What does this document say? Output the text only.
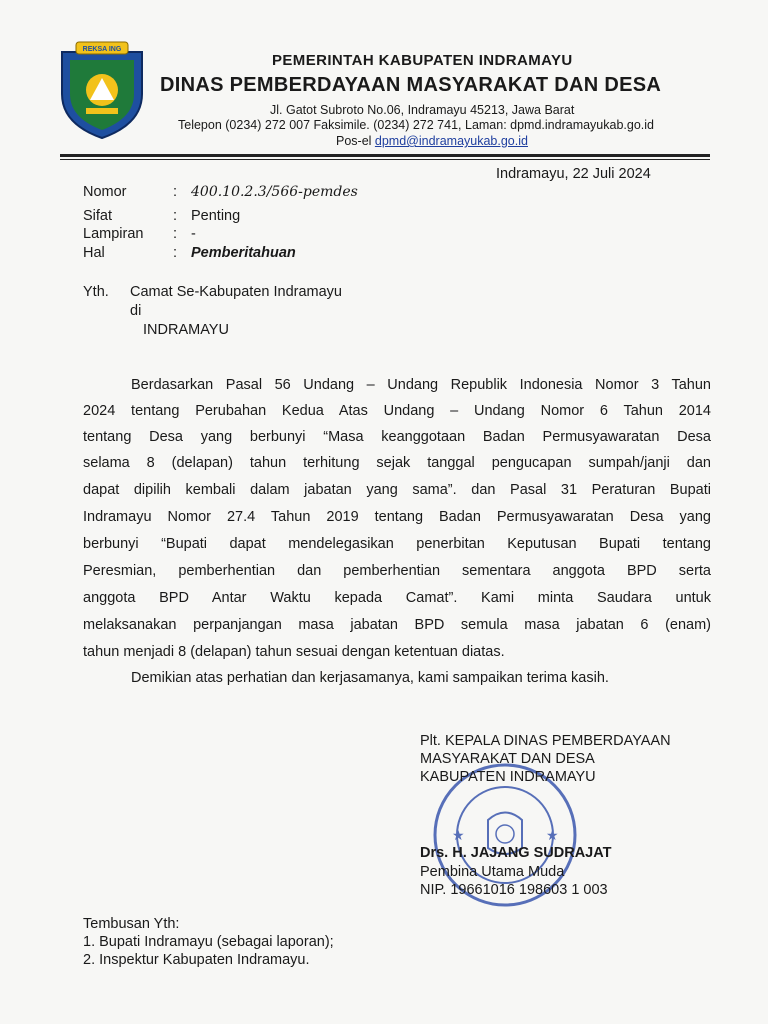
REKSA ING
PEMERINTAH KABUPATEN INDRAMAYU
DINAS PEMBERDAYAAN MASYARAKAT DAN DESA
Jl. Gatot Subroto No.06, Indramayu 45213, Jawa Barat
Telepon (0234) 272 007 Faksimile. (0234) 272 741, Laman: dpmd.indramayukab.go.id
Pos-el dpmd@indramayukab.go.id
Indramayu, 22 Juli 2024
Nomor	: 400.10.2.3/566-pemdes
Sifat	: Penting
Lampiran : -
Hal	: Pemberitahuan
Yth. Camat Se-Kabupaten Indramayu
di
INDRAMAYU
Berdasarkan Pasal 56 Undang – Undang Republik Indonesia Nomor 3 Tahun
2024 tentang Perubahan Kedua Atas Undang – Undang Nomor 6 Tahun 2014
tentang Desa yang berbunyi “Masa keanggotaan Badan Permusyawaratan Desa
selama 8 (delapan) tahun terhitung sejak tanggal pengucapan sumpah/janji dan
dapat dipilih kembali dalam jabatan yang sama”. dan Pasal 31 Peraturan Bupati
Indramayu Nomor 27.4 Tahun 2019 tentang Badan Permusyawaratan Desa yang
berbunyi “Bupati dapat mendelegasikan penerbitan Keputusan Bupati tentang
Peresmian, pemberhentian dan pemberhentian sementara anggota BPD serta
anggota BPD Antar Waktu kepada Camat”. Kami minta Saudara untuk
melaksanakan perpanjangan masa jabatan BPD semula masa jabatan 6 (enam)
tahun menjadi 8 (delapan) tahun sesuai dengan ketentuan diatas.
Demikian atas perhatian dan kerjasamanya, kami sampaikan terima kasih.
★	★
Plt. KEPALA DINAS PEMBERDAYAAN
MASYARAKAT DAN DESA
KABUPATEN INDRAMAYU
Drs. H. JAJANG SUDRAJAT
Pembina Utama Muda
NIP. 19661016 198603 1 003
Tembusan Yth:
1. Bupati Indramayu (sebagai laporan);
2. Inspektur Kabupaten Indramayu.
